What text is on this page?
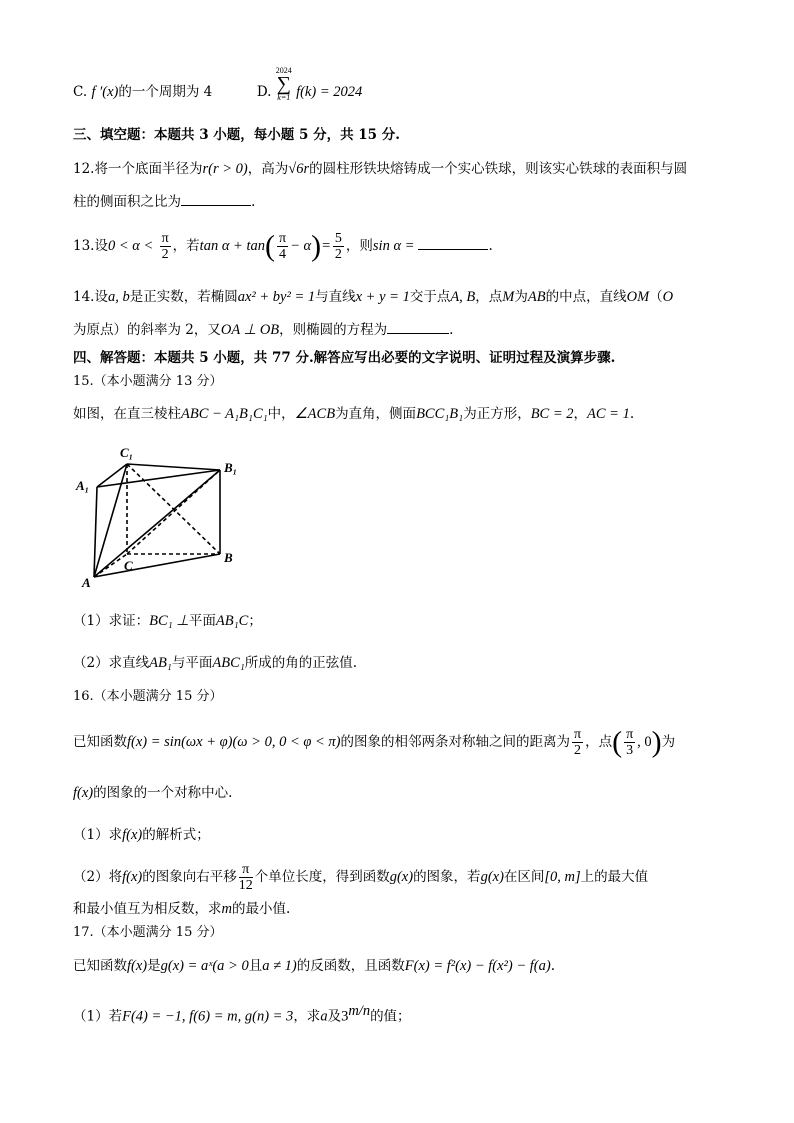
C. f ′(x)的一个周期为 4	D.
2024
∑
k=1 f(k) = 2024
三、填空题：本题共 3 小题，每小题 5 分，共 15 分.
12.将一个底面半径为r(r > 0)，高为√6r的圆柱形铁块熔铸成一个实心铁球，则该实心铁球的表面积与圆
柱的侧面积之比为	.
13.设$0 < \alpha < \frac{\pi}{2}$ ，若$\tan \alpha + \tan( \frac{\pi}{4} - \alpha)= \frac{5}{2}$ ，则sin α =	.
14.设a, b是正实数，若椭圆ax² + by² = 1与直线x + y = 1交于点A, B，点M为AB的中点，直线OM（O
为原点）的斜率为 2，又OA ⊥ OB，则椭圆的方程为	.
四、解答题：本题共 5 小题，共 77 分.解答应写出必要的文字说明、证明过程及演算步骤.
15.（本小题满分 13 分）
如图，在直三棱柱ABC − A₁B₁C₁中，∠ACB为直角，侧面BCC₁B₁为正方形，BC = 2，AC = 1.
C₁
B₁
A₁
C
B
A
（1）求证：BC₁ ⊥平面AB₁C；
（2）求直线AB₁与平面ABC₁所成的角的正弦值.
16.（本小题满分 15 分）
已知函数f(x) = sin(ωx + φ)(ω > 0, 0 < φ < π)的图象的相邻两条对称轴之间的距离为 $\frac{\pi}{2}$ ，点( $\frac{\pi}{3}$ , 0)为
f(x)的图象的一个对称中心.
（1）求f(x)的解析式；
（2）将f(x)的图象向右平移 $\frac{\pi}{12}$ 个单位长度，得到函数g(x)的图象，若g(x)在区间[0, m]上的最大值
和最小值互为相反数，求m的最小值.
17.（本小题满分 15 分）
已知函数f(x)是g(x) = aˣ(a > 0且a ≠ 1)的反函数，且函数F(x) = f²(x) − f(x²) − f(a).
（1）若F(4) = −1, f(6) = m, g(n) = 3，求a及$3^{m/n}$的值；
